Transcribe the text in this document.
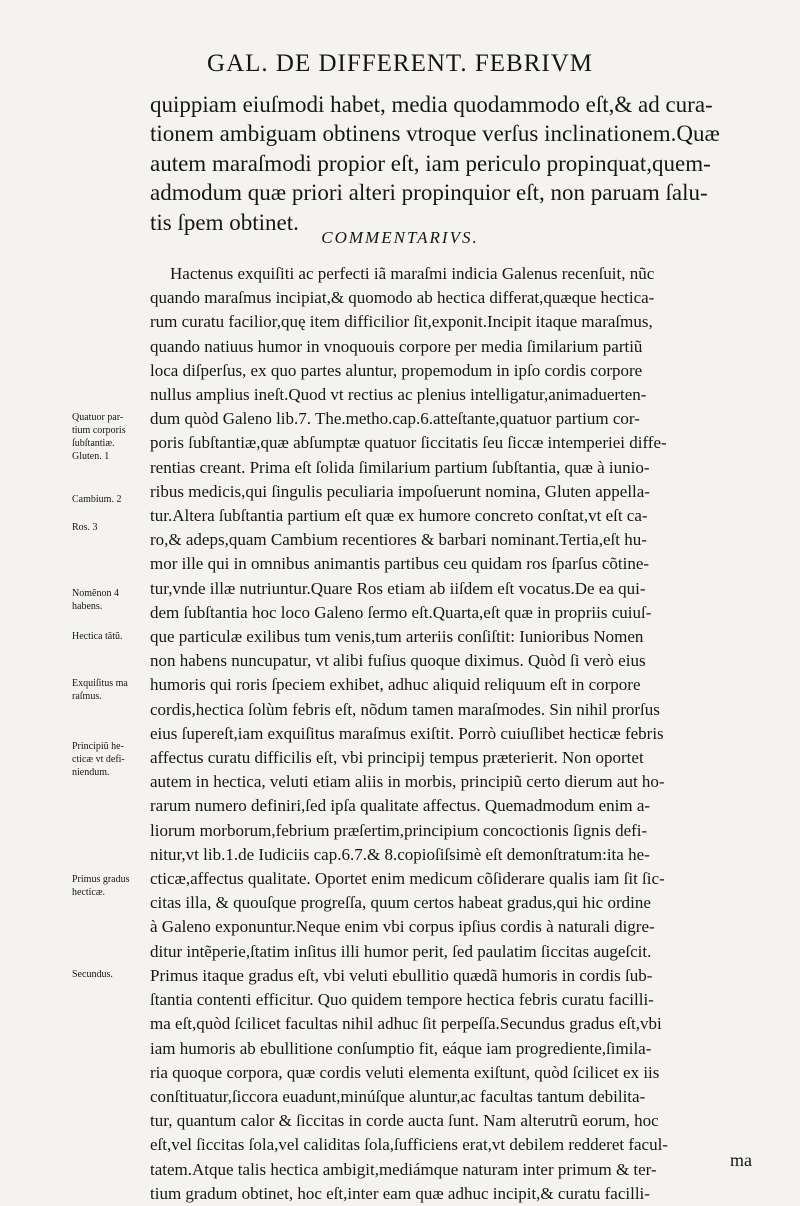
GAL. DE DIFFERENT. FEBRIVM
quippiam eiuſmodi habet, media quodammodo eſt,& ad cura-
tionem ambiguam obtinens vtroque verſus inclinationem.Quæ
autem maraſmodi propior eſt, iam periculo propinquat,quem-
admodum quæ priori alteri propinquior eſt, non paruam ſalu-
tis ſpem obtinet.
COMMENTARIVS.
Hactenus exquiſiti ac perfecti iã maraſmi indicia Galenus recenſuit, nũc
quando maraſmus incipiat,& quomodo ab hectica differat,quæque hectica-
rum curatu facilior,quę item difficilior ſit,exponit.Incipit itaque maraſmus,
quando natiuus humor in vnoquouis corpore per media ſimilarium partiũ
loca diſperſus, ex quo partes aluntur, propemodum in ipſo cordis corpore
nullus amplius ineſt.Quod vt rectius ac plenius intelligatur,animaduerten-
dum quòd Galeno lib.7. The.metho.cap.6.atteſtante,quatuor partium cor-
poris ſubſtantiæ,quæ abſumptæ quatuor ſiccitatis ſeu ſiccæ intemperiei diffe-
rentias creant. Prima eſt ſolida ſimilarium partium ſubſtantia, quæ à iunio-
ribus medicis,qui ſingulis peculiaria impoſuerunt nomina, Gluten appella-
tur.Altera ſubſtantia partium eſt quæ ex humore concreto conſtat,vt eſt ca-
ro,& adeps,quam Cambium recentiores & barbari nominant.Tertia,eſt hu-
mor ille qui in omnibus animantis partibus ceu quidam ros ſparſus cõtine-
tur,vnde illæ nutriuntur.Quare Ros etiam ab iiſdem eſt vocatus.De ea qui-
dem ſubſtantia hoc loco Galeno ſermo eſt.Quarta,eſt quæ in propriis cuiuſ-
que particulæ exilibus tum venis,tum arteriis conſiſtit: Iunioribus Nomen
non habens nuncupatur, vt alibi fuſius quoque diximus. Quòd ſi verò eius
humoris qui roris ſpeciem exhibet, adhuc aliquid reliquum eſt in corpore
cordis,hectica ſolùm febris eſt, nõdum tamen maraſmodes. Sin nihil prorſus
eius ſupereſt,iam exquiſitus maraſmus exiſtit. Porrò cuiuſlibet hecticæ febris
affectus curatu difficilis eſt, vbi principij tempus præterierit. Non oportet
autem in hectica, veluti etiam aliis in morbis, principiũ certo dierum aut ho-
rarum numero definiri,ſed ipſa qualitate affectus. Quemadmodum enim a-
liorum morborum,febrium præſertim,principium concoctionis ſignis defi-
nitur,vt lib.1.de Iudiciis cap.6.7.& 8.copioſiſsimè eſt demonſtratum:ita he-
cticæ,affectus qualitate. Oportet enim medicum cõſiderare qualis iam ſit ſic-
citas illa, & quouſque progreſſa, quum certos habeat gradus,qui hic ordine
à Galeno exponuntur.Neque enim vbi corpus ipſius cordis à naturali digre-
ditur intẽperie,ſtatim inſitus illi humor perit, ſed paulatim ſiccitas augeſcit.
Primus itaque gradus eſt, vbi veluti ebullitio quædã humoris in cordis ſub-
ſtantia contenti efficitur. Quo quidem tempore hectica febris curatu facilli-
ma eſt,quòd ſcilicet facultas nihil adhuc ſit perpeſſa.Secundus gradus eſt,vbi
iam humoris ab ebullitione conſumptio fit, eáque iam progrediente,ſimila-
ria quoque corpora, quæ cordis veluti elementa exiſtunt, quòd ſcilicet ex iis
conſtituatur,ſiccora euadunt,minúſque aluntur,ac facultas tantum debilita-
tur, quantum calor & ſiccitas in corde aucta ſunt. Nam alterutrũ eorum, hoc
eſt,vel ſiccitas ſola,vel caliditas ſola,ſufficiens erat,vt debilem redderet facul-
tatem.Atque talis hectica ambigit,mediámque naturam inter primum & ter-
tium gradum obtinet, hoc eſt,inter eam quæ adhuc incipit,& curatu facilli-
Quatuor par-
tium corporis
ſubſtantiæ.
Gluten. 1
Cambium. 2
Ros. 3
Nomẽnon 4
habens.
Hectica tãtũ.
Exquiſitus ma
raſmus.
Principiũ he-
cticæ vt defi-
niendum.
Primus gradus
hecticæ.
Secundus.
ma
